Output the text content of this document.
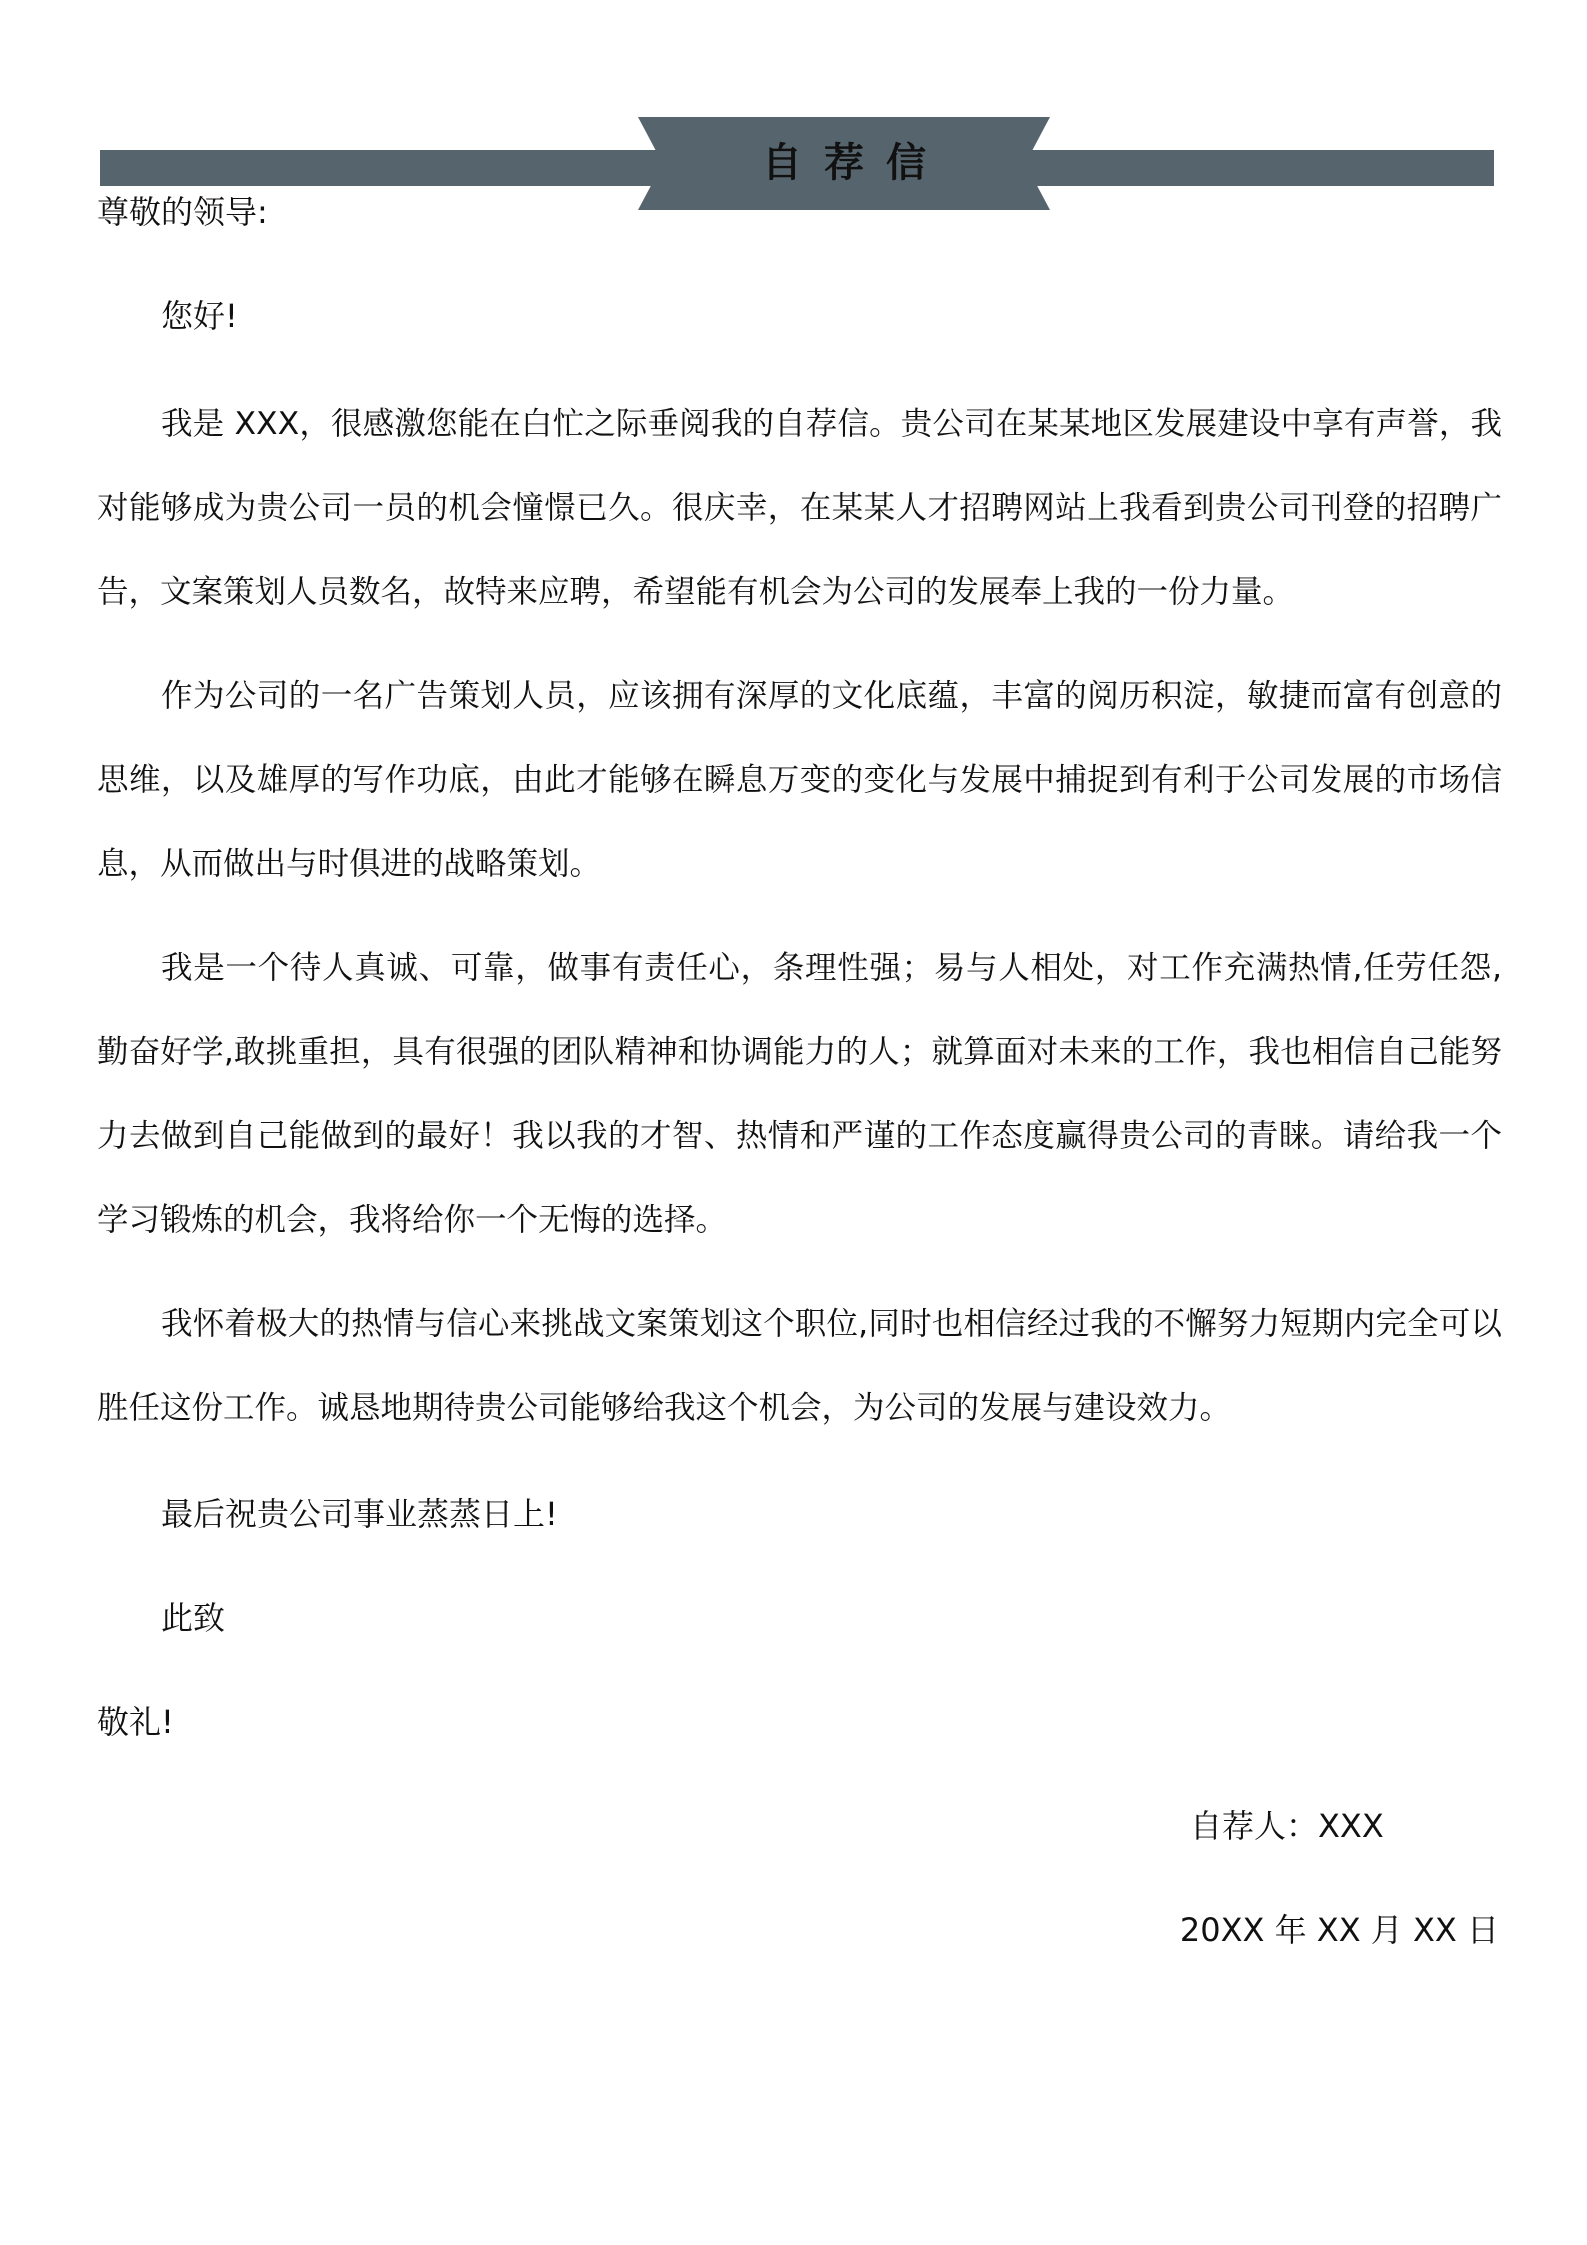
自荐信

尊敬的领导:

您好!

我是 XXX，很感激您能在白忙之际垂阅我的自荐信。贵公司在某某地区发展建设中享有声誉，我对能够成为贵公司一员的机会憧憬已久。很庆幸，在某某人才招聘网站上我看到贵公司刊登的招聘广告，文案策划人员数名，故特来应聘，希望能有机会为公司的发展奉上我的一份力量。

作为公司的一名广告策划人员，应该拥有深厚的文化底蕴，丰富的阅历积淀，敏捷而富有创意的思维，以及雄厚的写作功底，由此才能够在瞬息万变的变化与发展中捕捉到有利于公司发展的市场信息，从而做出与时俱进的战略策划。

我是一个待人真诚、可靠，做事有责任心，条理性强；易与人相处，对工作充满热情,任劳任怨,勤奋好学,敢挑重担，具有很强的团队精神和协调能力的人；就算面对未来的工作，我也相信自己能努力去做到自己能做到的最好！我以我的才智、热情和严谨的工作态度赢得贵公司的青睐。请给我一个学习锻炼的机会，我将给你一个无悔的选择。

我怀着极大的热情与信心来挑战文案策划这个职位,同时也相信经过我的不懈努力短期内完全可以胜任这份工作。诚恳地期待贵公司能够给我这个机会，为公司的发展与建设效力。

最后祝贵公司事业蒸蒸日上!

此致

敬礼!

自荐人：XXX

20XX 年 XX 月 XX 日
